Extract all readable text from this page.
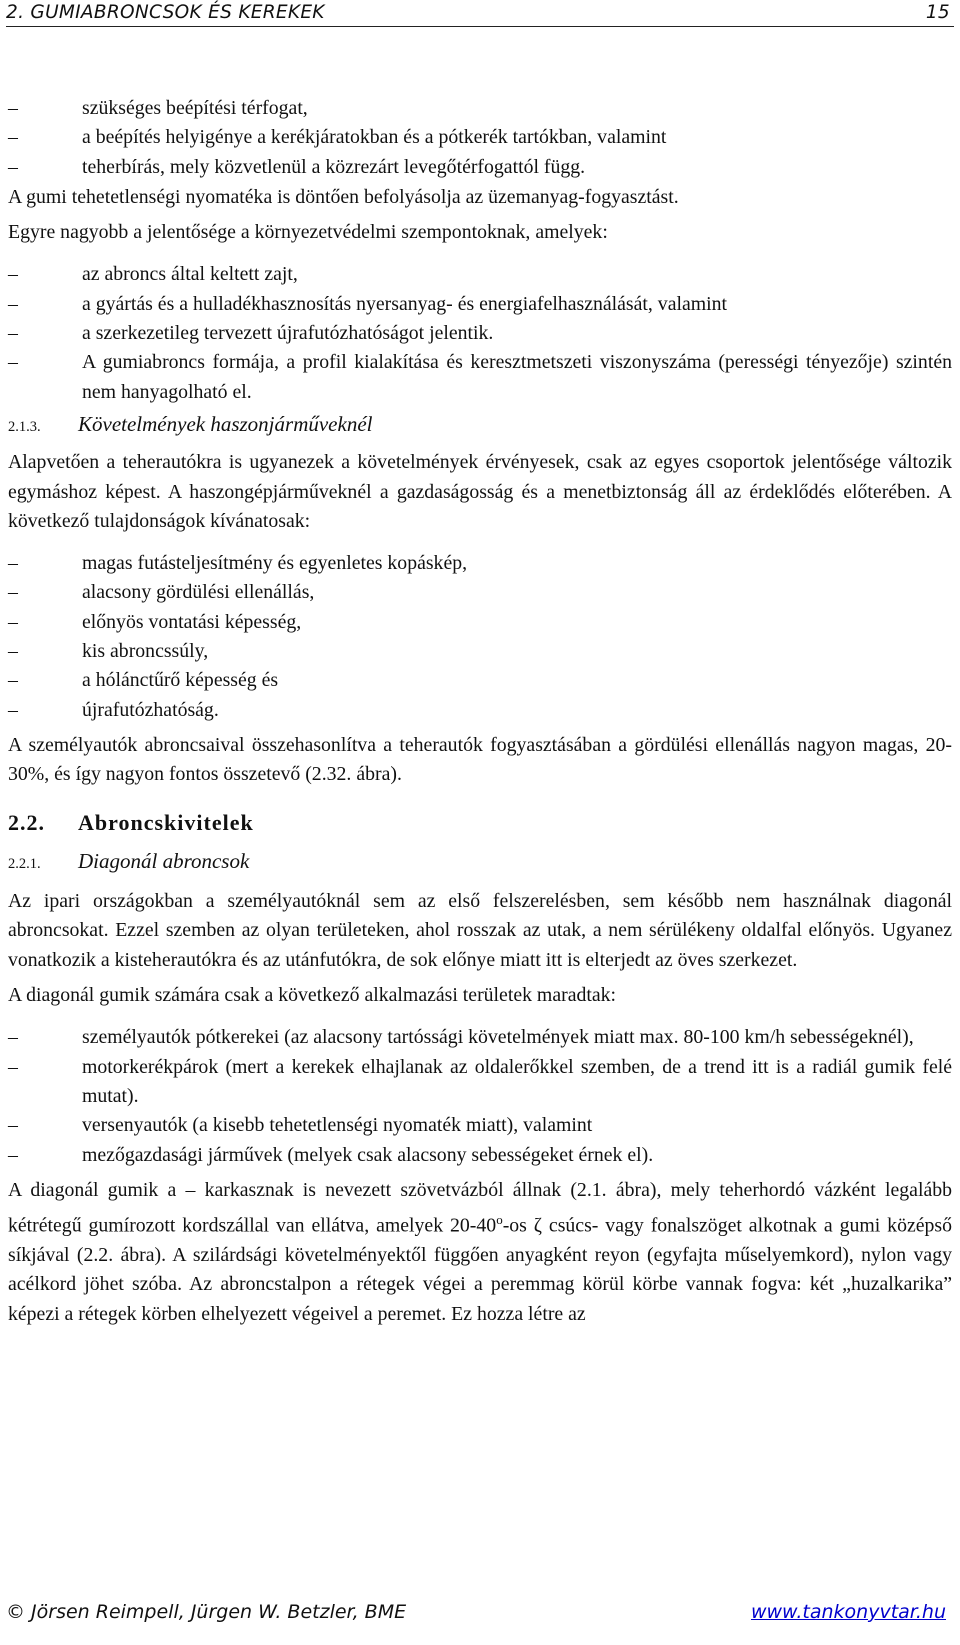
2. GUMIABRONCSOK ÉS KEREKEK	15
– szükséges beépítési térfogat,
– a beépítés helyigénye a kerékjáratokban és a pótkerék tartókban, valamint
– teherbírás, mely közvetlenül a közrezárt levegőtérfogattól függ.

A gumi tehetetlenségi nyomatéka is döntően befolyásolja az üzemanyag-fogyasztást.

Egyre nagyobb a jelentősége a környezetvédelmi szempontoknak, amelyek:

– az abroncs által keltett zajt,
– a gyártás és a hulladékhasznosítás nyersanyag- és energiafelhasználását, valamint
– a szerkezetileg tervezett újrafutózhatóságot jelentik.
– A gumiabroncs formája, a profil kialakítása és keresztmetszeti viszonyszáma (perességi tényezője) szintén nem hanyagolható el.

2.1.3. Követelmények haszonjárműveknél

Alapvetően a teherautókra is ugyanezek a követelmények érvényesek, csak az egyes csoportok jelentősége változik egymáshoz képest. A haszongépjárműveknél a gazdaságosság és a menetbiztonság áll az érdeklődés előterében. A következő tulajdonságok kívánatosak:

– magas futásteljesítmény és egyenletes kopáskép,
– alacsony gördülési ellenállás,
– előnyös vontatási képesség,
– kis abroncssúly,
– a hólánctűrő képesség és
– újrafutózhatóság.

A személyautók abroncsaival összehasonlítva a teherautók fogyasztásában a gördülési ellenállás nagyon magas, 20-30%, és így nagyon fontos összetevő (2.32. ábra).

2.2. Abroncskivitelek

2.2.1. Diagonál abroncsok

Az ipari országokban a személyautóknál sem az első felszerelésben, sem később nem használnak diagonál abroncsokat. Ezzel szemben az olyan területeken, ahol rosszak az utak, a nem sérülékeny oldalfal előnyös. Ugyanez vonatkozik a kisteherautókra és az utánfutókra, de sok előnye miatt itt is elterjedt az öves szerkezet.

A diagonál gumik számára csak a következő alkalmazási területek maradtak:

– személyautók pótkerekei (az alacsony tartóssági követelmények miatt max. 80-100 km/h sebességeknél),
– motorkerékpárok (mert a kerekek elhajlanak az oldalerőkkel szemben, de a trend itt is a radiál gumik felé mutat).
– versenyautók (a kisebb tehetetlenségi nyomaték miatt), valamint
– mezőgazdasági járművek (melyek csak alacsony sebességeket érnek el).

A diagonál gumik a – karkasznak is nevezett szövetvázból állnak (2.1. ábra), mely teherhordó vázként legalább kétrétegű gumírozott kordszállal van ellátva, amelyek 20-40$^o$-os ζ csúcs- vagy fonalszöget alkotnak a gumi középső síkjával (2.2. ábra). A szilárdsági követelményektől függően anyagként reyon (egyfajta műselyemkord), nylon vagy acélkord jöhet szóba. Az abroncstalpon a rétegek végei a peremmag körül körbe vannak fogva: két „huzalkarika” képezi a rétegek körben elhelyezett végeivel a peremet. Ez hozza létre az

© Jörsen Reimpell, Jürgen W. Betzler, BME	www.tankonyvtar.hu
